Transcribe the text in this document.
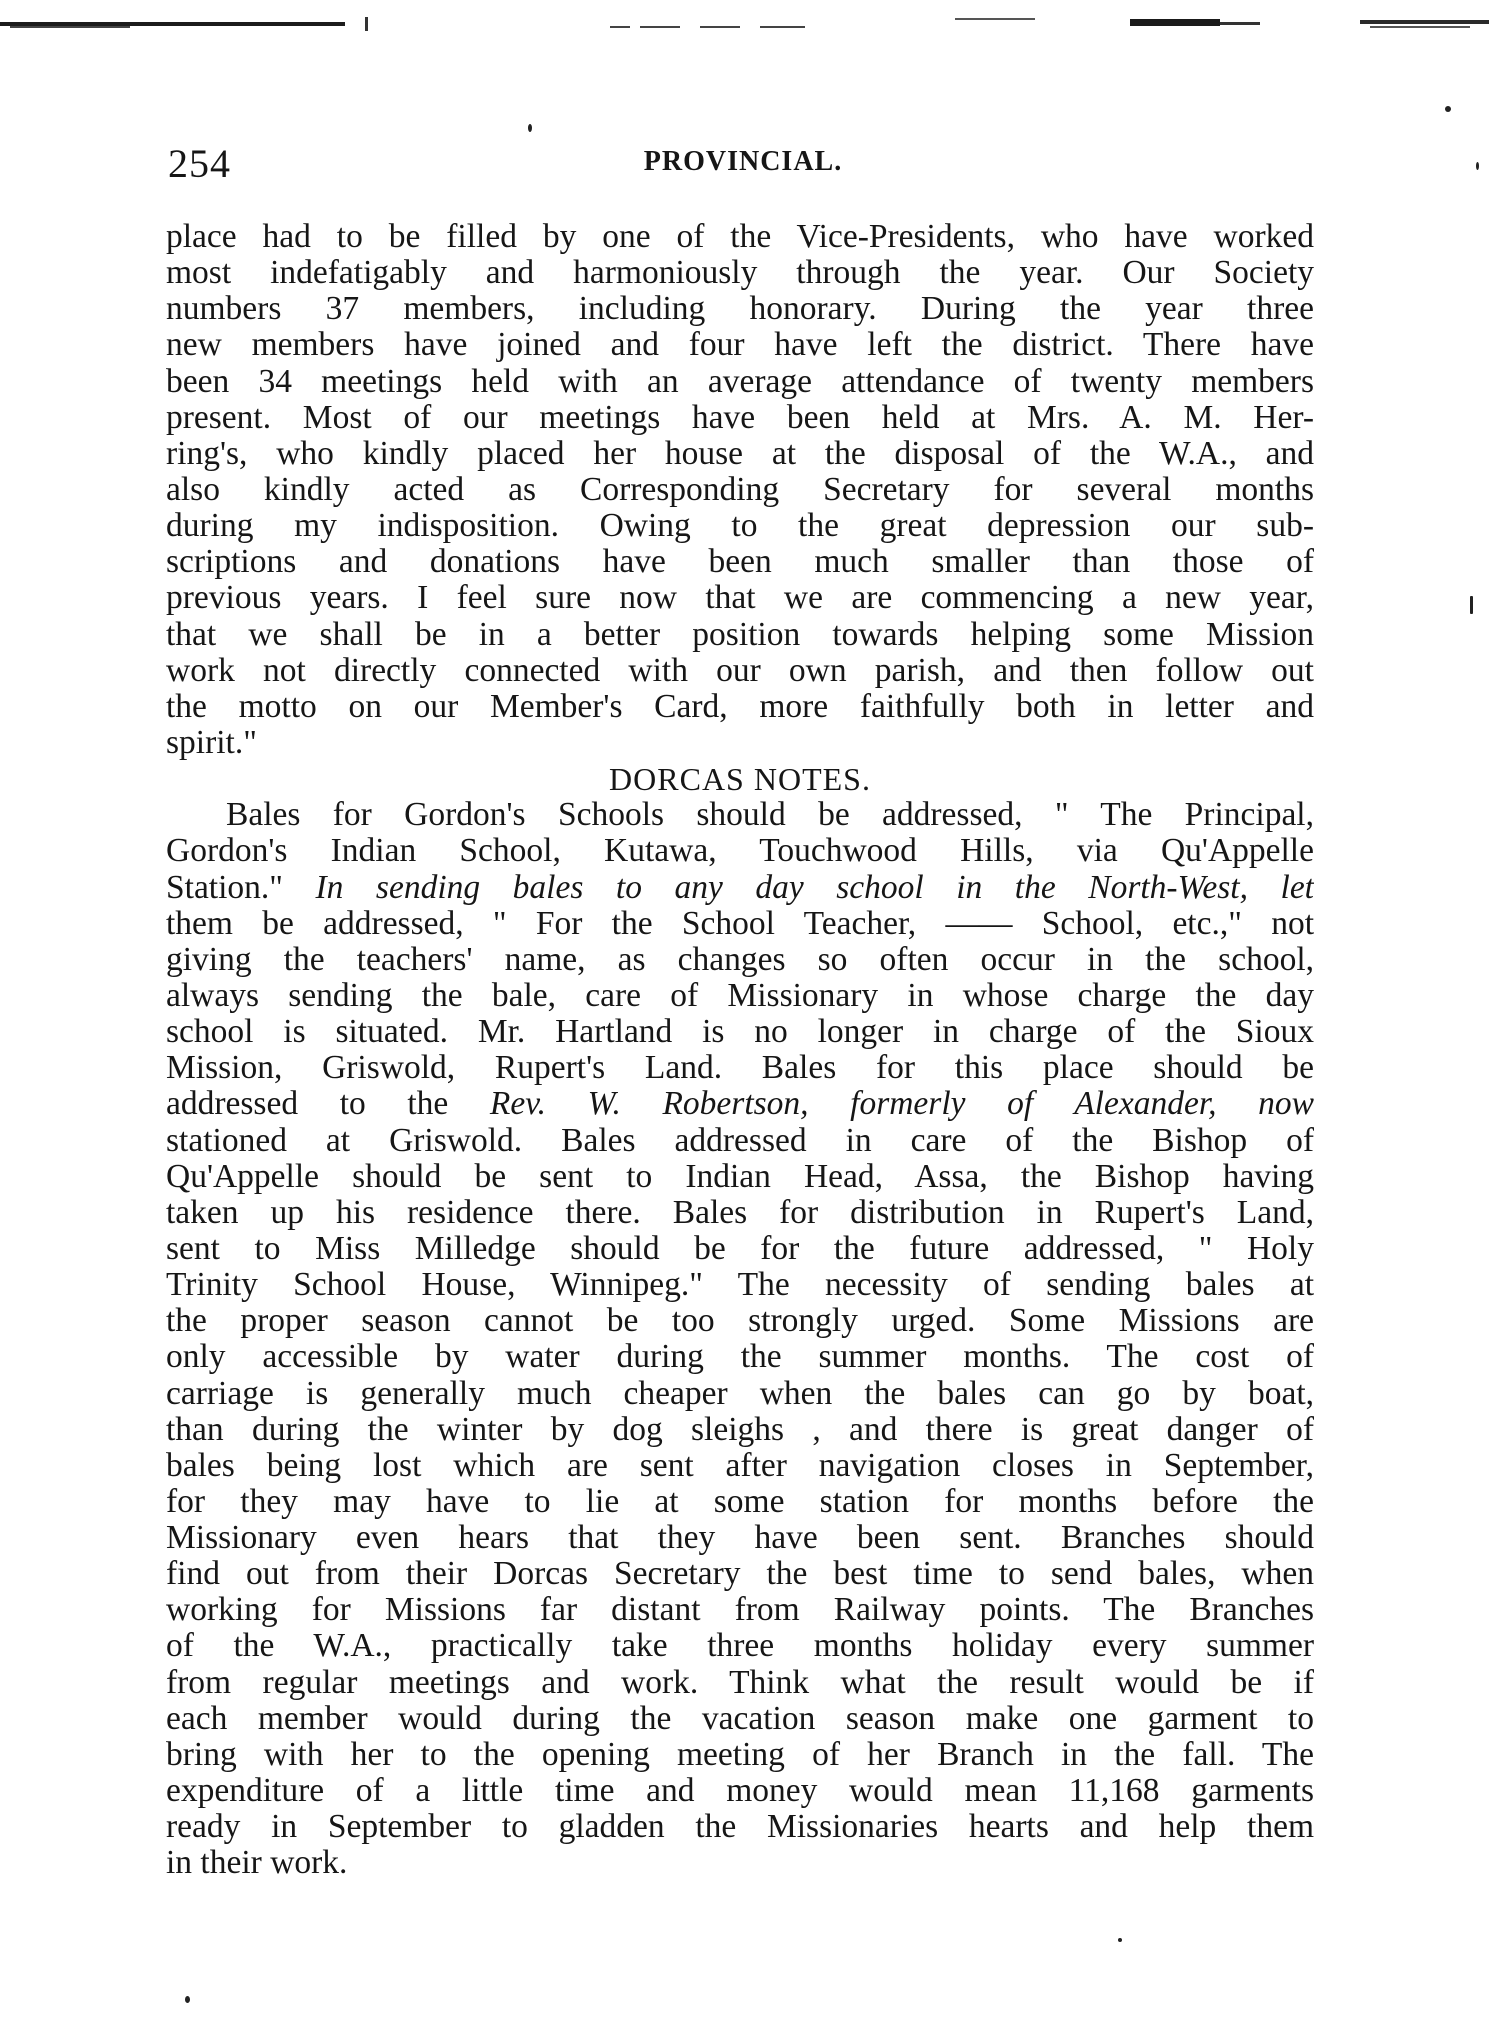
254	PROVINCIAL.
place had to be filled by one of the Vice-Presidents, who have worked
most indefatigably and harmoniously through the year. Our Society
numbers 37 members, including honorary. During the year three
new members have joined and four have left the district. There have
been 34 meetings held with an average attendance of twenty members
present. Most of our meetings have been held at Mrs. A. M. Her-
ring's, who kindly placed her house at the disposal of the W.A., and
also kindly acted as Corresponding Secretary for several months
during my indisposition. Owing to the great depression our sub-
scriptions and donations have been much smaller than those of
previous years. I feel sure now that we are commencing a new year,
that we shall be in a better position towards helping some Mission
work not directly connected with our own parish, and then follow out
the motto on our Member's Card, more faithfully both in letter and
spirit."
DORCAS NOTES.
Bales for Gordon's Schools should be addressed, " The Principal,
Gordon's Indian School, Kutawa, Touchwood Hills, via Qu'Appelle
Station." In sending bales to any day school in the North-West, let
them be addressed, " For the School Teacher, —— School, etc.," not
giving the teachers' name, as changes so often occur in the school,
always sending the bale, care of Missionary in whose charge the day
school is situated. Mr. Hartland is no longer in charge of the Sioux
Mission, Griswold, Rupert's Land. Bales for this place should be
addressed to the Rev. W. Robertson, formerly of Alexander, now
stationed at Griswold. Bales addressed in care of the Bishop of
Qu'Appelle should be sent to Indian Head, Assa, the Bishop having
taken up his residence there. Bales for distribution in Rupert's Land,
sent to Miss Milledge should be for the future addressed, " Holy
Trinity School House, Winnipeg." The necessity of sending bales at
the proper season cannot be too strongly urged. Some Missions are
only accessible by water during the summer months. The cost of
carriage is generally much cheaper when the bales can go by boat,
than during the winter by dog sleighs , and there is great danger of
bales being lost which are sent after navigation closes in September,
for they may have to lie at some station for months before the
Missionary even hears that they have been sent. Branches should
find out from their Dorcas Secretary the best time to send bales, when
working for Missions far distant from Railway points. The Branches
of the W.A., practically take three months holiday every summer
from regular meetings and work. Think what the result would be if
each member would during the vacation season make one garment to
bring with her to the opening meeting of her Branch in the fall. The
expenditure of a little time and money would mean 11,168 garments
ready in September to gladden the Missionaries hearts and help them
in their work.
